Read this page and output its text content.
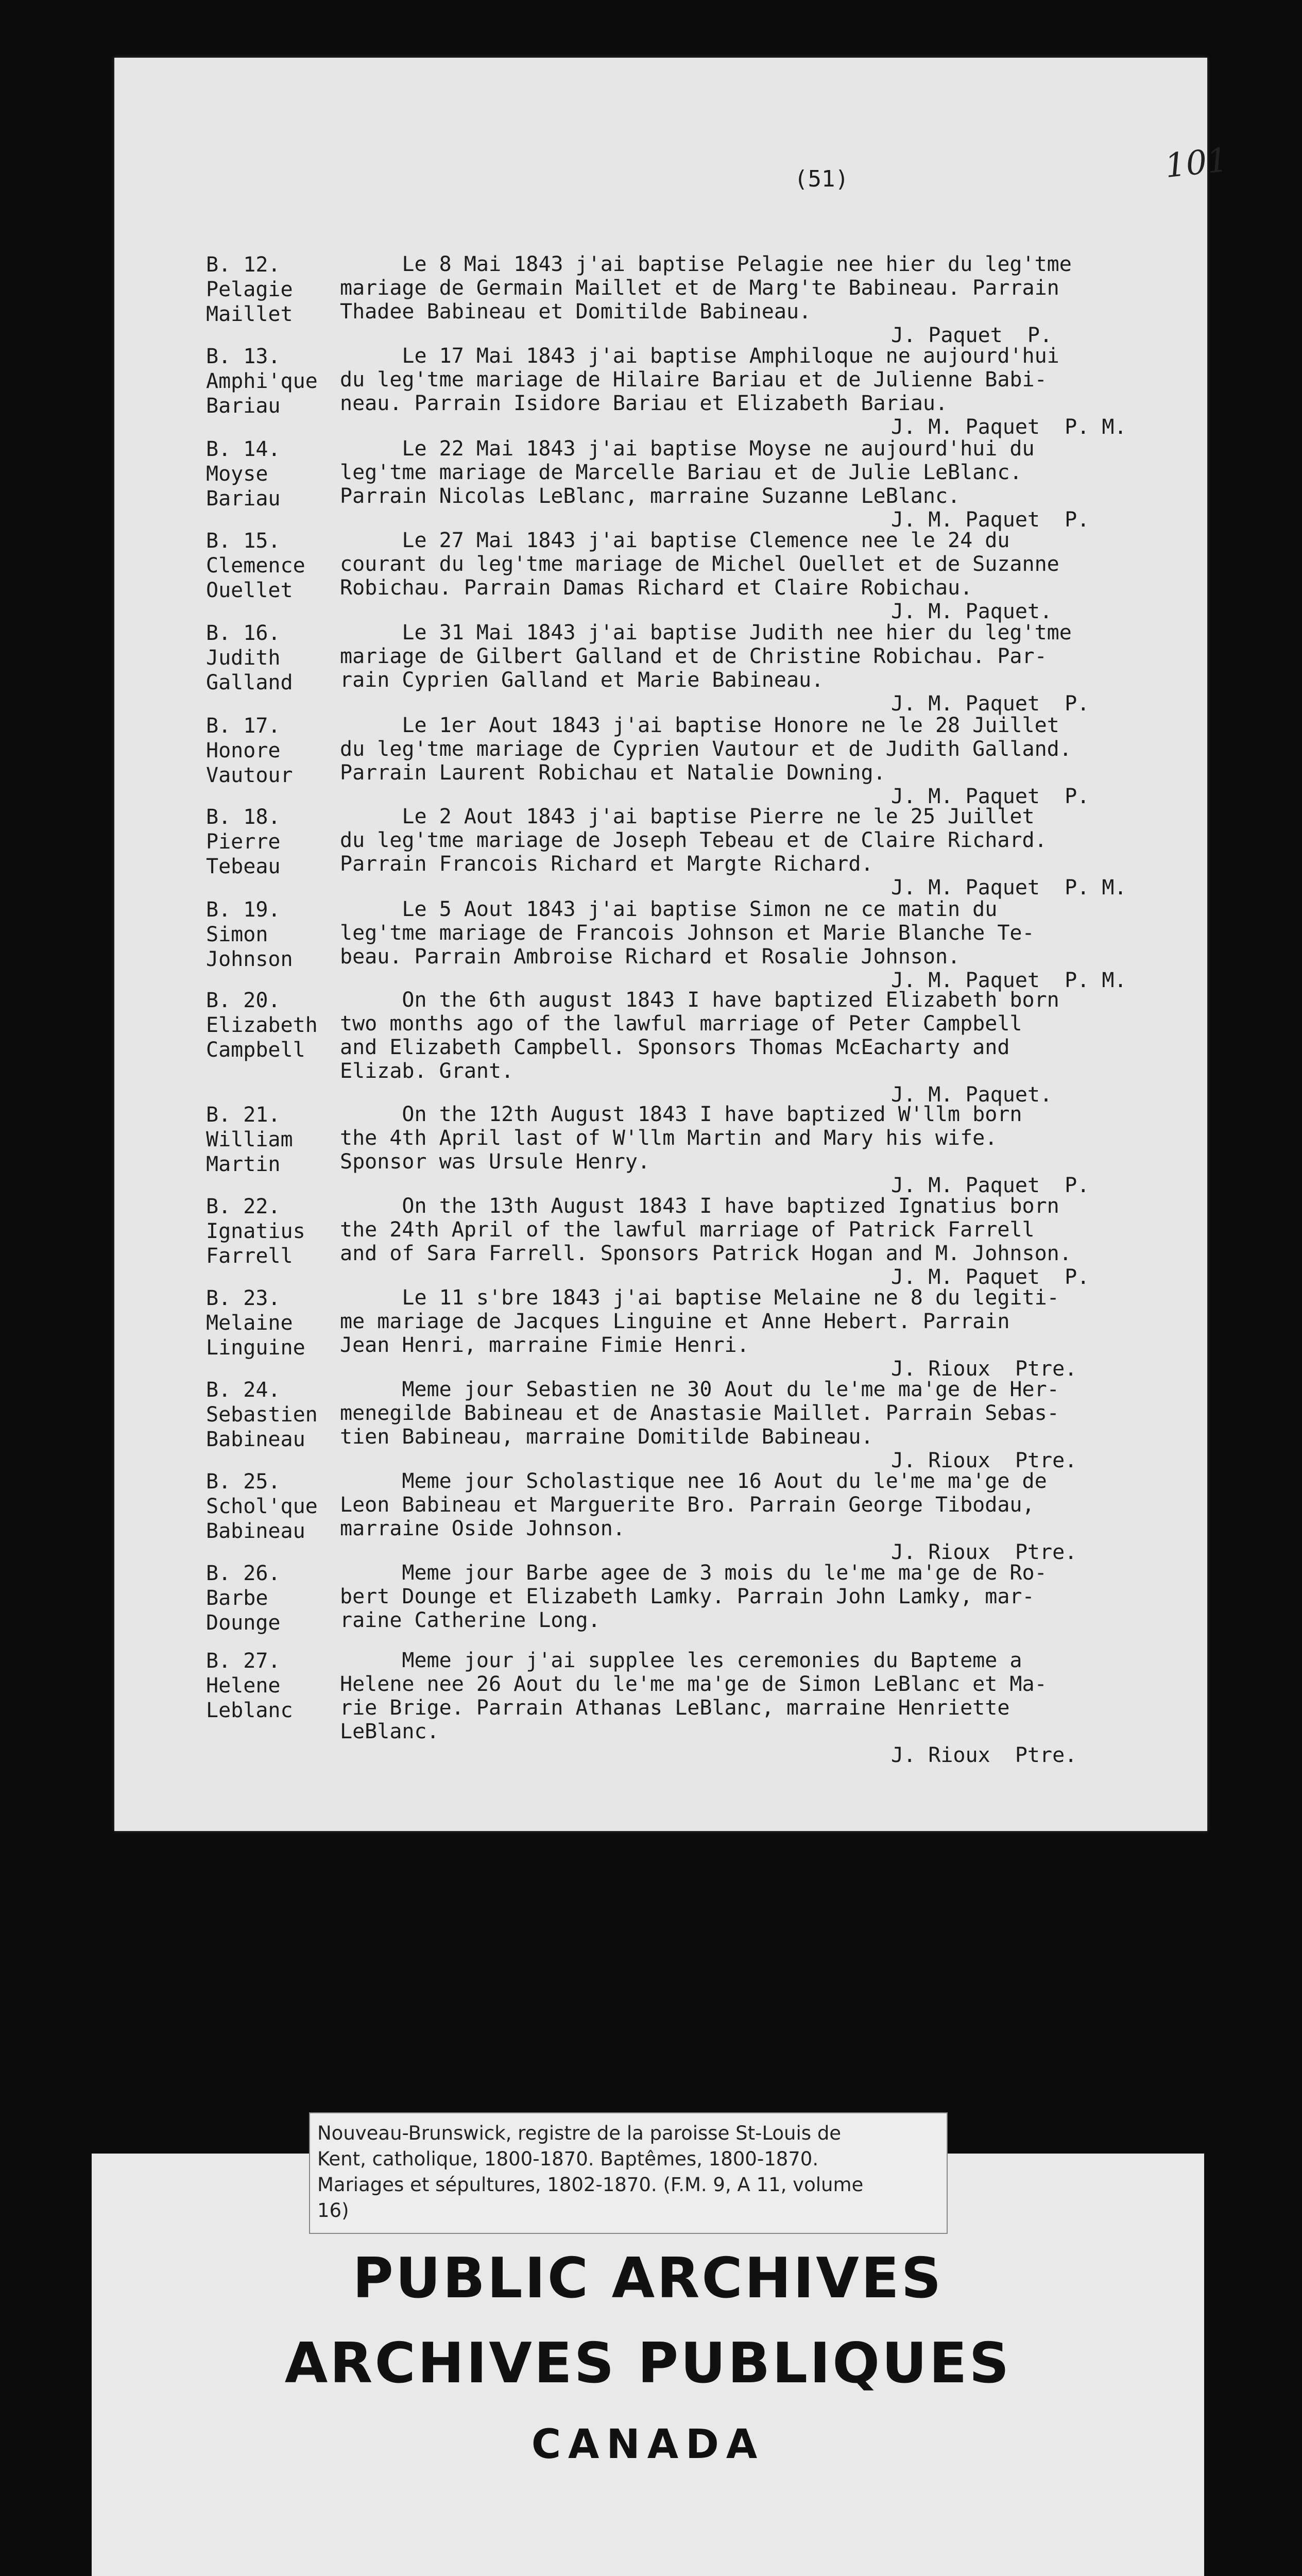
(51)	101
B. 12.
Pelagie
Maillet
Le 8 Mai 1843 j'ai baptise Pelagie nee hier du leg'tme
mariage de Germain Maillet et de Marg'te Babineau. Parrain
Thadee Babineau et Domitilde Babineau.
J. Paquet  P.
B. 13.
Amphi'que
Bariau
Le 17 Mai 1843 j'ai baptise Amphiloque ne aujourd'hui
du leg'tme mariage de Hilaire Bariau et de Julienne Babi-
neau. Parrain Isidore Bariau et Elizabeth Bariau.
J. M. Paquet  P. M.
B. 14.
Moyse
Bariau
Le 22 Mai 1843 j'ai baptise Moyse ne aujourd'hui du
leg'tme mariage de Marcelle Bariau et de Julie LeBlanc.
Parrain Nicolas LeBlanc, marraine Suzanne LeBlanc.
J. M. Paquet  P.
B. 15.
Clemence
Ouellet
Le 27 Mai 1843 j'ai baptise Clemence nee le 24 du
courant du leg'tme mariage de Michel Ouellet et de Suzanne
Robichau. Parrain Damas Richard et Claire Robichau.
J. M. Paquet.
B. 16.
Judith
Galland
Le 31 Mai 1843 j'ai baptise Judith nee hier du leg'tme
mariage de Gilbert Galland et de Christine Robichau. Par-
rain Cyprien Galland et Marie Babineau.
J. M. Paquet  P.
B. 17.
Honore
Vautour
Le 1er Aout 1843 j'ai baptise Honore ne le 28 Juillet
du leg'tme mariage de Cyprien Vautour et de Judith Galland.
Parrain Laurent Robichau et Natalie Downing.
J. M. Paquet  P.
B. 18.
Pierre
Tebeau
Le 2 Aout 1843 j'ai baptise Pierre ne le 25 Juillet
du leg'tme mariage de Joseph Tebeau et de Claire Richard.
Parrain Francois Richard et Margte Richard.
J. M. Paquet  P. M.
B. 19.
Simon
Johnson
Le 5 Aout 1843 j'ai baptise Simon ne ce matin du
leg'tme mariage de Francois Johnson et Marie Blanche Te-
beau. Parrain Ambroise Richard et Rosalie Johnson.
J. M. Paquet  P. M.
B. 20.
Elizabeth
Campbell
On the 6th august 1843 I have baptized Elizabeth born
two months ago of the lawful marriage of Peter Campbell
and Elizabeth Campbell. Sponsors Thomas McEacharty and
Elizab. Grant.
J. M. Paquet.
B. 21.
William
Martin
On the 12th August 1843 I have baptized W'llm born
the 4th April last of W'llm Martin and Mary his wife.
Sponsor was Ursule Henry.
J. M. Paquet  P.
B. 22.
Ignatius
Farrell
On the 13th August 1843 I have baptized Ignatius born
the 24th April of the lawful marriage of Patrick Farrell
and of Sara Farrell. Sponsors Patrick Hogan and M. Johnson.
J. M. Paquet  P.
B. 23.
Melaine
Linguine
Le 11 s'bre 1843 j'ai baptise Melaine ne 8 du legiti-
me mariage de Jacques Linguine et Anne Hebert. Parrain
Jean Henri, marraine Fimie Henri.
J. Rioux  Ptre.
B. 24.
Sebastien
Babineau
Meme jour Sebastien ne 30 Aout du le'me ma'ge de Her-
menegilde Babineau et de Anastasie Maillet. Parrain Sebas-
tien Babineau, marraine Domitilde Babineau.
J. Rioux  Ptre.
B. 25.
Schol'que
Babineau
Meme jour Scholastique nee 16 Aout du le'me ma'ge de
Leon Babineau et Marguerite Bro. Parrain George Tibodau,
marraine Oside Johnson.
J. Rioux  Ptre.
B. 26.
Barbe
Dounge
Meme jour Barbe agee de 3 mois du le'me ma'ge de Ro-
bert Dounge et Elizabeth Lamky. Parrain John Lamky, mar-
raine Catherine Long.
B. 27.
Helene
Leblanc
Meme jour j'ai supplee les ceremonies du Bapteme a
Helene nee 26 Aout du le'me ma'ge de Simon LeBlanc et Ma-
rie Brige. Parrain Athanas LeBlanc, marraine Henriette
LeBlanc.
J. Rioux  Ptre.
Nouveau-Brunswick, registre de la paroisse St-Louis de
Kent, catholique, 1800-1870. Baptêmes, 1800-1870.
Mariages et sépultures, 1802-1870. (F.M. 9, A 11, volume
16)
PUBLIC ARCHIVES
ARCHIVES PUBLIQUES
CANADA
